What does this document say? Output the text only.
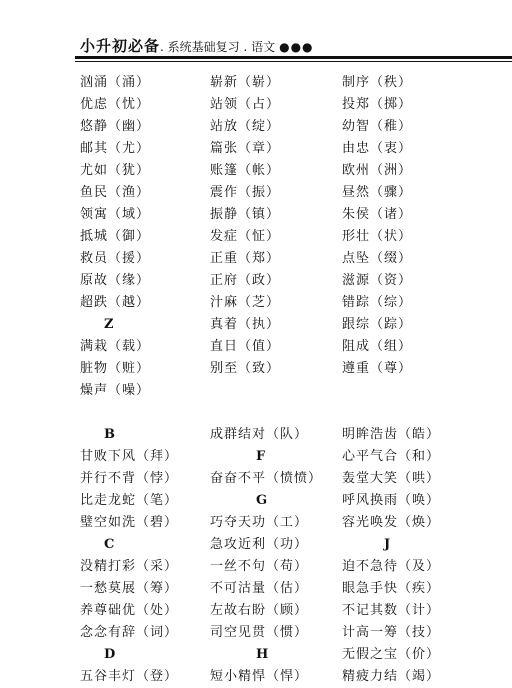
小升初必备. 系统基础复习 . 语文 ●●●
汹涌（涌）
优虑（忧）
悠静（幽）
邮其（尤）
尤如（犹）
鱼民（渔）
领寓（域）
抵城（御）
救员（援）
原故（缘）
超跌（越）
Z
满栽（载）
脏物（赃）
燥声（噪）
B
甘败下风（拜）
并行不背（悖）
比走龙蛇（笔）
璧空如洗（碧）
C
没精打彩（采）
一愁莫展（筹）
养尊础优（处）
念念有辞（词）
D
五谷丰灯（登）
崭新（崭）
站领（占）
站放（绽）
篇张（章）
账篷（帐）
震作（振）
振静（镇）
发症（怔）
正重（郑）
正府（政）
汁麻（芝）
真着（执）
直日（值）
别至（致）
成群结对（队）
F
奋奋不平（愤愤）
G
巧夺天功（工）
急攻近利（功）
一丝不句（苟）
不可沽量（估）
左故右盼（顾）
司空见贯（惯）
H
短小精悍（悍）
制序（秩）
投郑（掷）
幼智（稚）
由忠（衷）
欧州（洲）
昼然（骤）
朱侯（诸）
形壮（状）
点坠（缀）
滋源（资）
错踪（综）
跟综（踪）
阻成（组）
遵重（尊）
明眸浩齿（皓）
心平气合（和）
轰堂大笑（哄）
呼风换雨（唤）
容光唤发（焕）
J
迫不急待（及）
眼急手快（疾）
不记其数（计）
计高一筹（技）
无假之宝（价）
精疲力结（竭）
